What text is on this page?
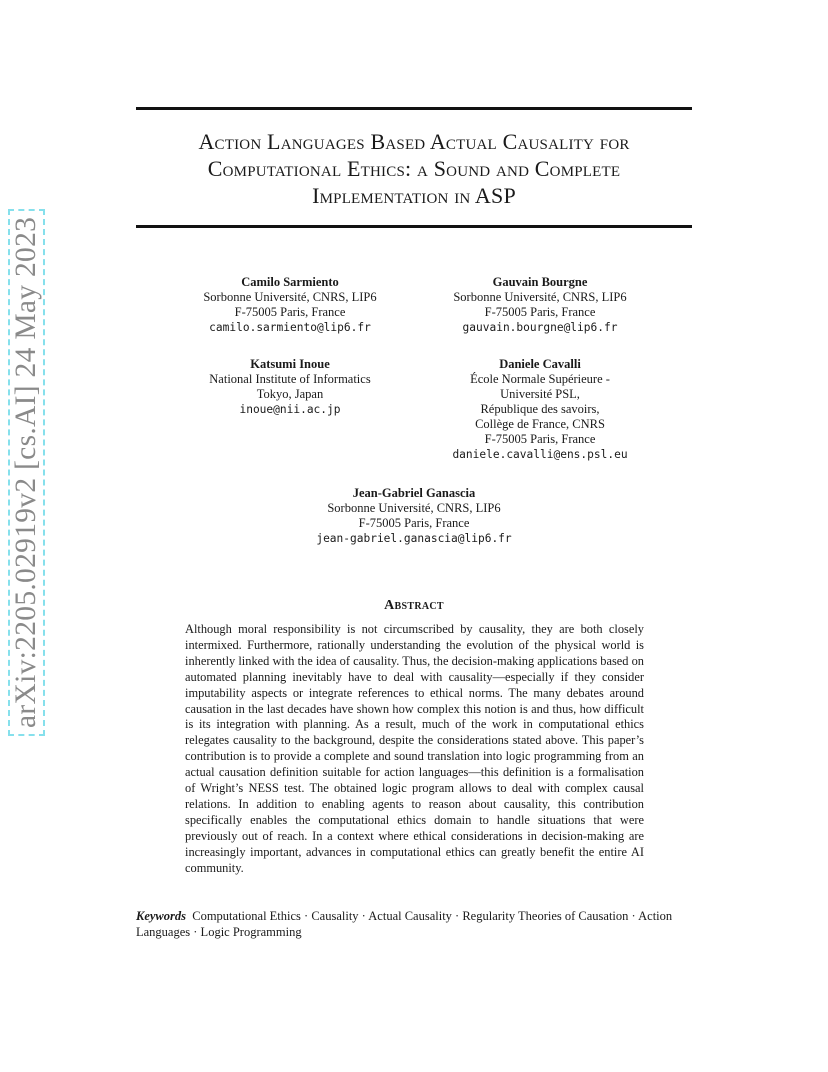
Action Languages Based Actual Causality for
Computational Ethics: a Sound and Complete
Implementation in ASP
arXiv:2205.02919v2 [cs.AI] 24 May 2023	Camilo Sarmiento
Sorbonne Université, CNRS, LIP6
F-75005 Paris, France
camilo.sarmiento@lip6.fr
Gauvain Bourgne
Sorbonne Université, CNRS, LIP6
F-75005 Paris, France
gauvain.bourgne@lip6.fr
Katsumi Inoue
National Institute of Informatics
Tokyo, Japan
inoue@nii.ac.jp
Daniele Cavalli
École Normale Supérieure -
Université PSL,
République des savoirs,
Collège de France, CNRS
F-75005 Paris, France
daniele.cavalli@ens.psl.eu
Jean-Gabriel Ganascia
Sorbonne Université, CNRS, LIP6
F-75005 Paris, France
jean-gabriel.ganascia@lip6.fr
Abstract
Although moral responsibility is not circumscribed by causality, they are both closely intermixed. Furthermore, rationally understanding the evolution of the physical world is inherently linked with the idea of causality. Thus, the decision-making applications based on automated planning inevitably have to deal with causality—especially if they consider imputability aspects or integrate references to ethical norms. The many debates around causation in the last decades have shown how complex this notion is and thus, how difficult is its integration with planning. As a result, much of the work in computational ethics relegates causality to the background, despite the considerations stated above. This paper’s contribution is to provide a complete and sound translation into logic programming from an actual causation definition suitable for action languages—this definition is a formalisation of Wright’s NESS test. The obtained logic program allows to deal with complex causal relations. In addition to enabling agents to reason about causality, this contribution specifically enables the computational ethics domain to handle situations that were previously out of reach. In a context where ethical considerations in decision-making are increasingly important, advances in computational ethics can greatly benefit the entire AI community.
Keywords Computational Ethics · Causality · Actual Causality · Regularity Theories of Causation · Action Languages · Logic Programming
